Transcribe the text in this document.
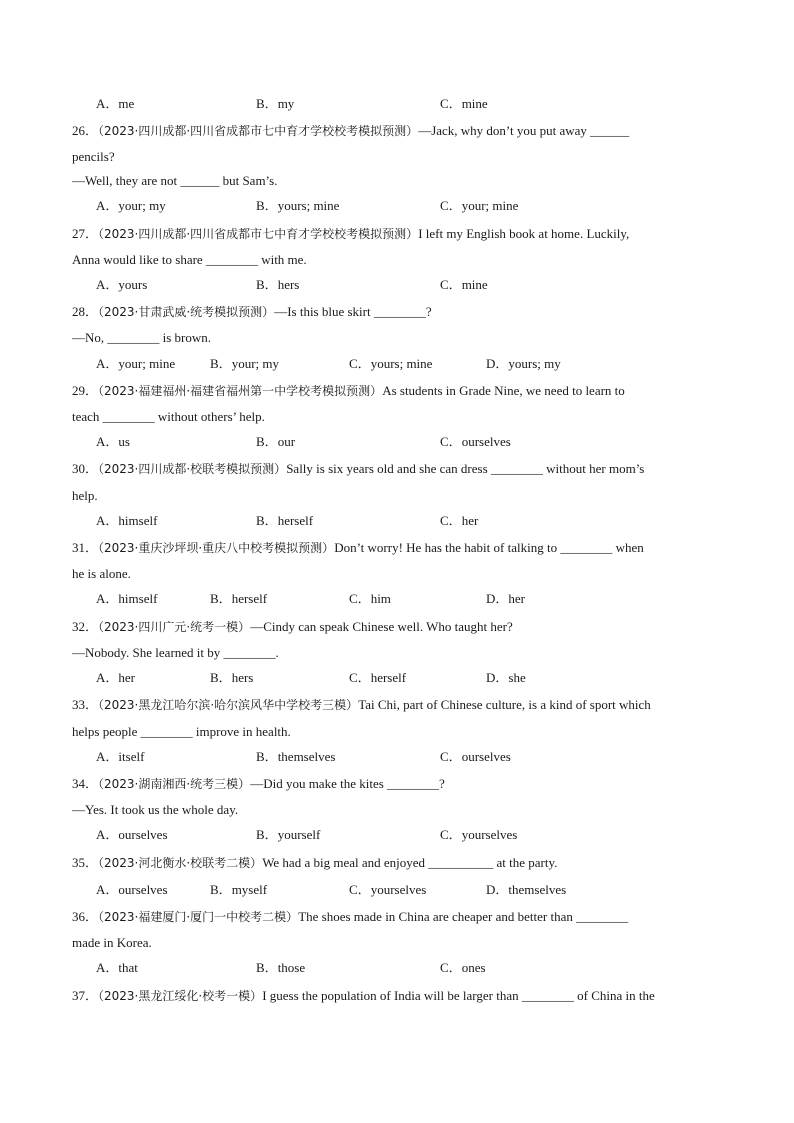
A．me	B．my	C．mine
26．（2023·四川成都·四川省成都市七中育才学校校考模拟预测）—Jack, why don’t you put away ______
pencils?
—Well, they are not ______ but Sam’s.
A．your; my	B．yours; mine	C．your; mine
27．（2023·四川成都·四川省成都市七中育才学校校考模拟预测）I left my English book at home. Luckily,
Anna would like to share ________ with me.
A．yours	B．hers	C．mine
28．（2023·甘肃武威·统考模拟预测）—Is this blue skirt ________?
—No, ________ is brown.
A．your; mine	B．your; my	C．yours; mine	D．yours; my
29．（2023·福建福州·福建省福州第一中学校考模拟预测）As students in Grade Nine, we need to learn to
teach ________ without others’ help.
A．us	B．our	C．ourselves
30．（2023·四川成都·校联考模拟预测）Sally is six years old and she can dress ________ without her mom’s
help.
A．himself	B．herself	C．her
31．（2023·重庆沙坪坝·重庆八中校考模拟预测）Don’t worry! He has the habit of talking to ________ when
he is alone.
A．himself	B．herself	C．him	D．her
32．（2023·四川广元·统考一模）—Cindy can speak Chinese well. Who taught her?
—Nobody. She learned it by ________.
A．her	B．hers	C．herself	D．she
33．（2023·黑龙江哈尔滨·哈尔滨风华中学校考三模）Tai Chi, part of Chinese culture, is a kind of sport which
helps people ________ improve in health.
A．itself	B．themselves	C．ourselves
34．（2023·湖南湘西·统考三模）—Did you make the kites ________?
—Yes. It took us the whole day.
A．ourselves	B．yourself	C．yourselves
35．（2023·河北衡水·校联考二模）We had a big meal and enjoyed __________ at the party.
A．ourselves	B．myself	C．yourselves	D．themselves
36．（2023·福建厦门·厦门一中校考二模）The shoes made in China are cheaper and better than ________
made in Korea.
A．that	B．those	C．ones
37．（2023·黑龙江绥化·校考一模）I guess the population of India will be larger than ________ of China in the
